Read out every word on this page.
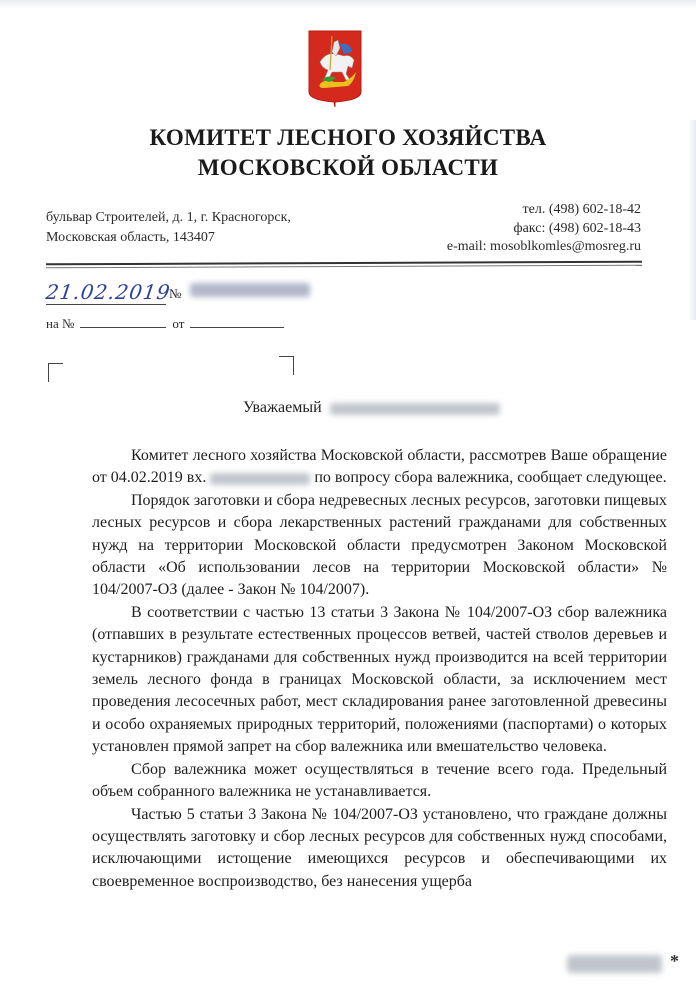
КОМИТЕТ ЛЕСНОГО ХОЗЯЙСТВА
МОСКОВСКОЙ ОБЛАСТИ
бульвар Строителей, д. 1, г. Красногорск,
Московская область, 143407
тел. (498) 602-18-42
факс: (498) 602-18-43
e-mail: mosoblkomles@mosreg.ru
21.02.2019
№
на №	от
Уважаемый

Комитет лесного хозяйства Московской области, рассмотрев Ваше обращение от 04.02.2019 вх.	по вопросу сбора валежника, сообщает следующее.

Порядок заготовки и сбора недревесных лесных ресурсов, заготовки пищевых лесных ресурсов и сбора лекарственных растений гражданами для собственных нужд на территории Московской области предусмотрен Законом Московской области «Об использовании лесов на территории Московской области» № 104/2007-ОЗ (далее - Закон № 104/2007).

В соответствии с частью 13 статьи 3 Закона № 104/2007-ОЗ сбор валежника (отпавших в результате естественных процессов ветвей, частей стволов деревьев и кустарников) гражданами для собственных нужд производится на всей территории земель лесного фонда в границах Московской области, за исключением мест проведения лесосечных работ, мест складирования ранее заготовленной древесины и особо охраняемых природных территорий, положениями (паспортами) о которых установлен прямой запрет на сбор валежника или вмешательство человека.

Сбор валежника может осуществляться в течение всего года. Предельный объем собранного валежника не устанавливается.

Частью 5 статьи 3 Закона № 104/2007-ОЗ установлено, что граждане должны осуществлять заготовку и сбор лесных ресурсов для собственных нужд способами, исключающими истощение имеющихся ресурсов и обеспечивающими их своевременное воспроизводство, без нанесения ущерба

*
